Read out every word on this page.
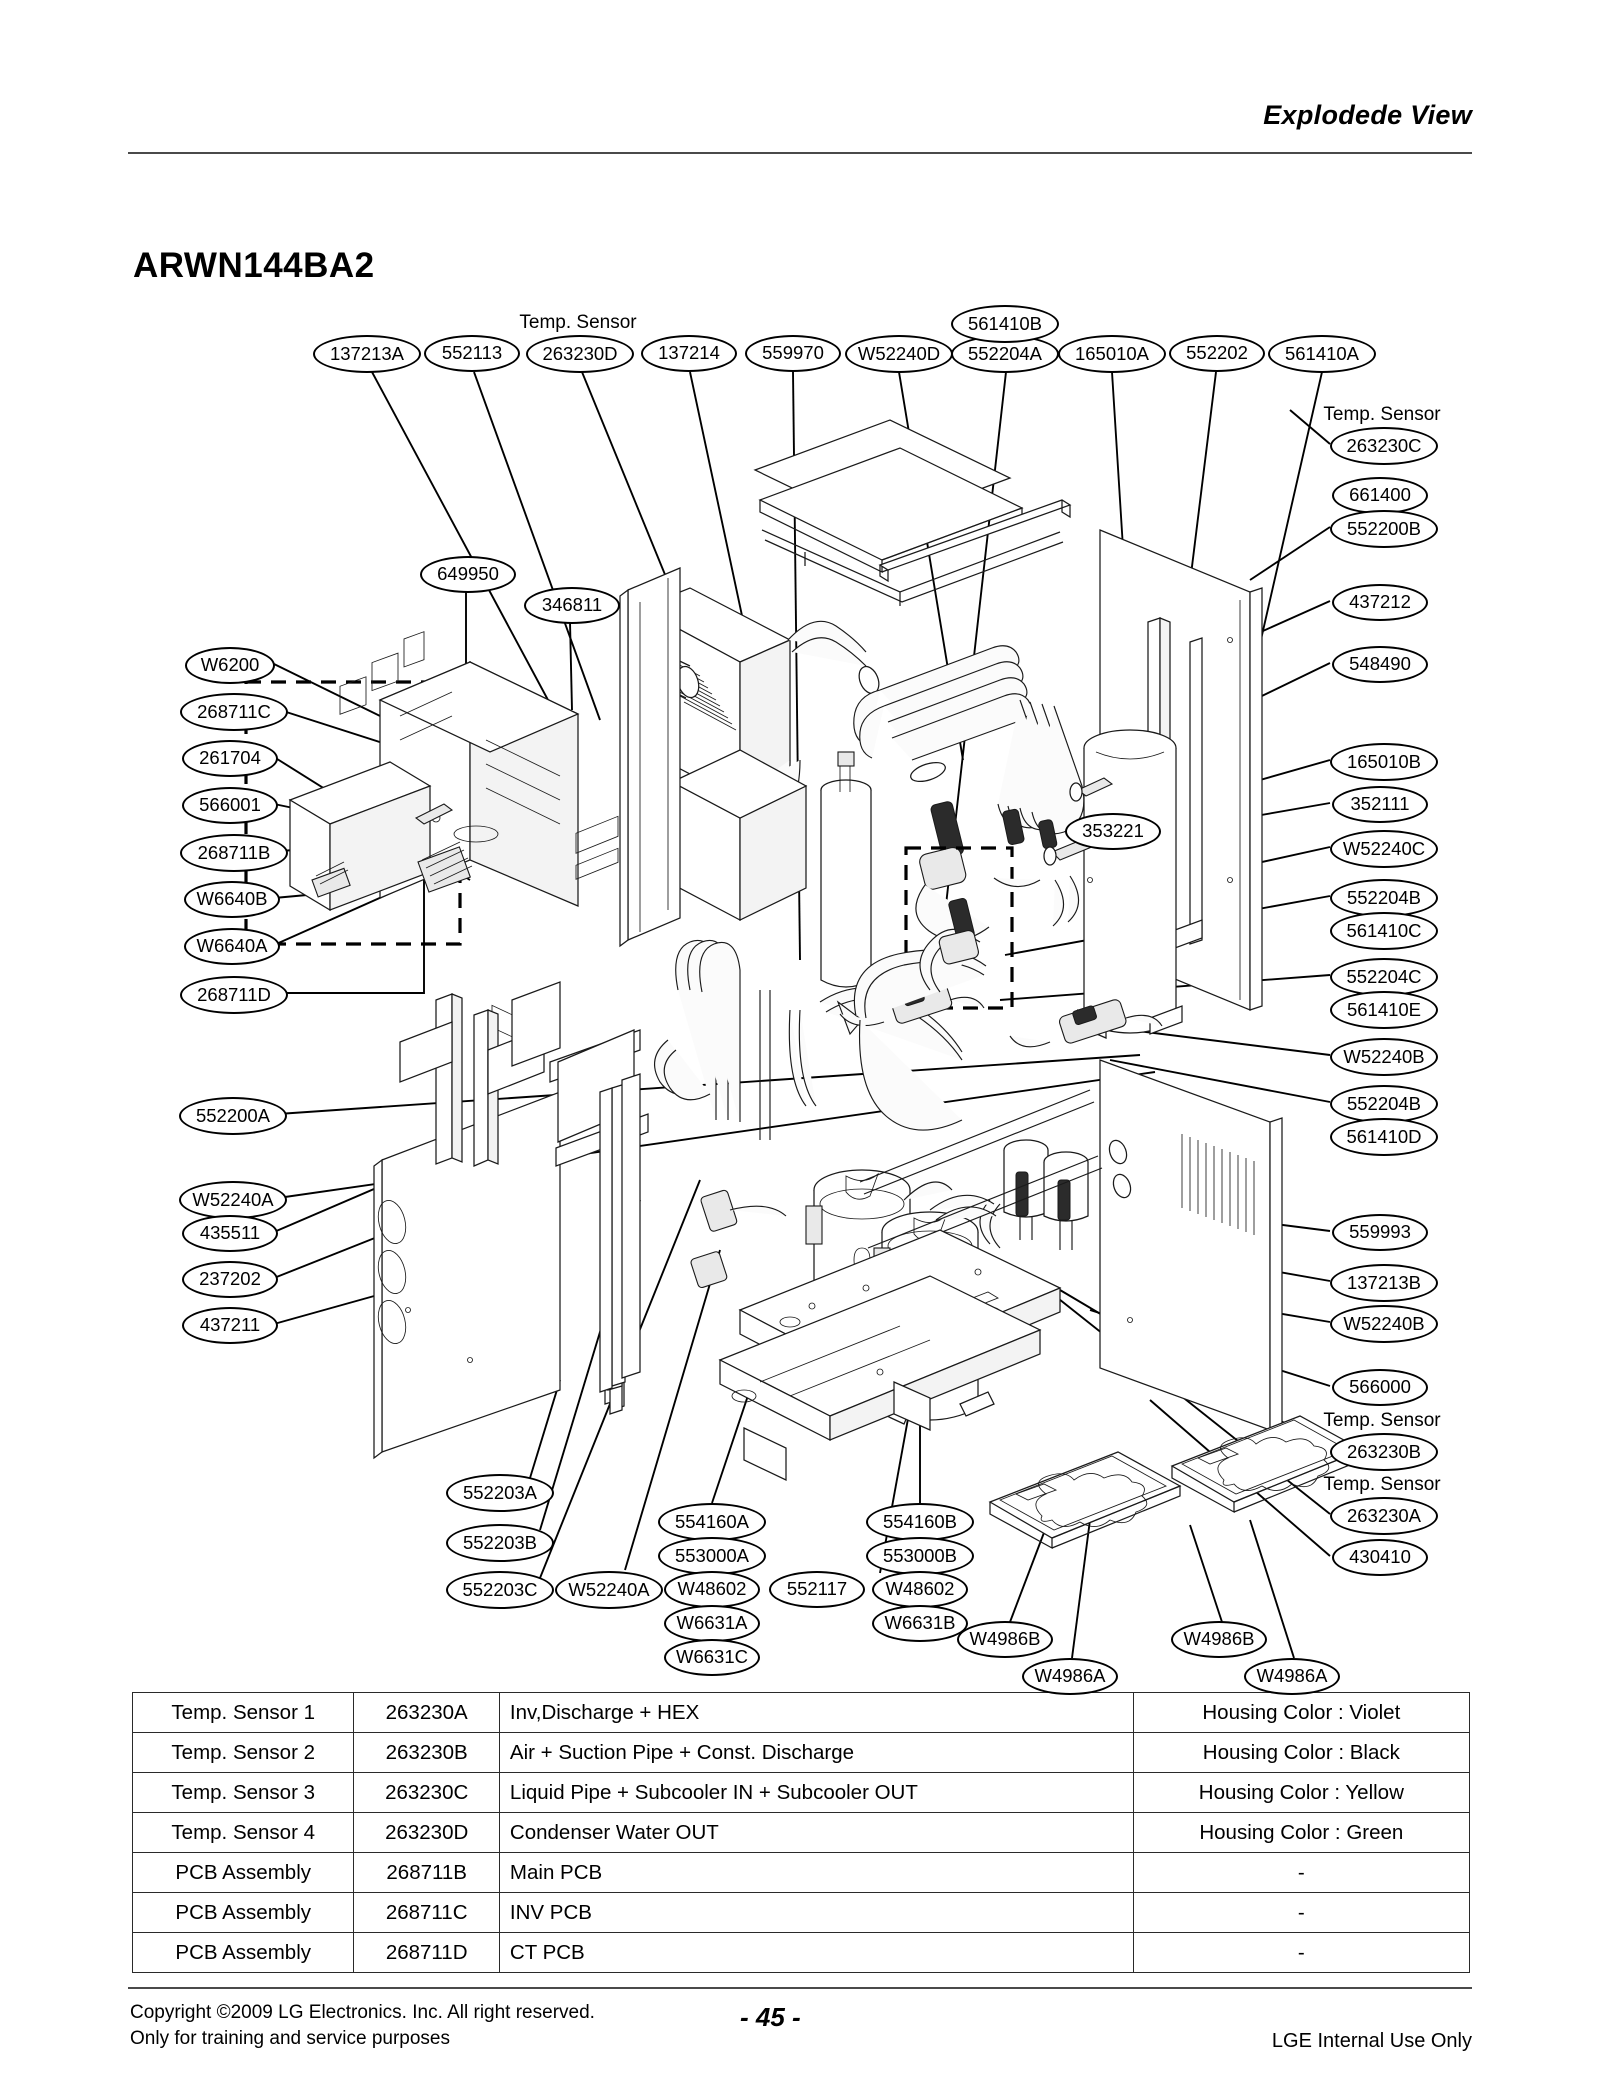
Explodede View
ARWN144BA2
137213A	552113
Temp. Sensor
263230D	137214	559970	W52240D	552204A
561410B
165010A	552202	561410A
649950
346811
353221
W6200
268711C
261704
566001
268711B
W6640B
W6640A
268711D
552200A
W52240A
435511
237202
437211
Temp. Sensor
263230C
661400
552200B
437212
548490
165010B
352111
W52240C
552204B
561410C
552204C
561410E
W52240B
552204B
561410D
559993
137213B
W52240B
566000
Temp. Sensor
263230B
Temp. Sensor
263230A
430410
552203A
552203B
552203C	W52240A
554160A
553000A
W48602
W6631A
W6631C
552117
554160B
553000B
W48602
W6631B
W4986B
W4986A
W4986B
W4986A
Temp. Sensor 1	263230A	Inv,Discharge + HEX	Housing Color : Violet
Temp. Sensor 2	263230B	Air + Suction Pipe + Const. Discharge	Housing Color : Black
Temp. Sensor 3	263230C	Liquid Pipe + Subcooler IN + Subcooler OUT	Housing Color : Yellow
Temp. Sensor 4	263230D	Condenser Water OUT	Housing Color : Green
PCB Assembly	268711B	Main PCB	-
PCB Assembly	268711C	INV PCB	-
PCB Assembly	268711D	CT PCB	-
Copyright ©2009 LG Electronics. Inc. All right reserved.
Only for training and service purposes
- 45 -
LGE Internal Use Only
